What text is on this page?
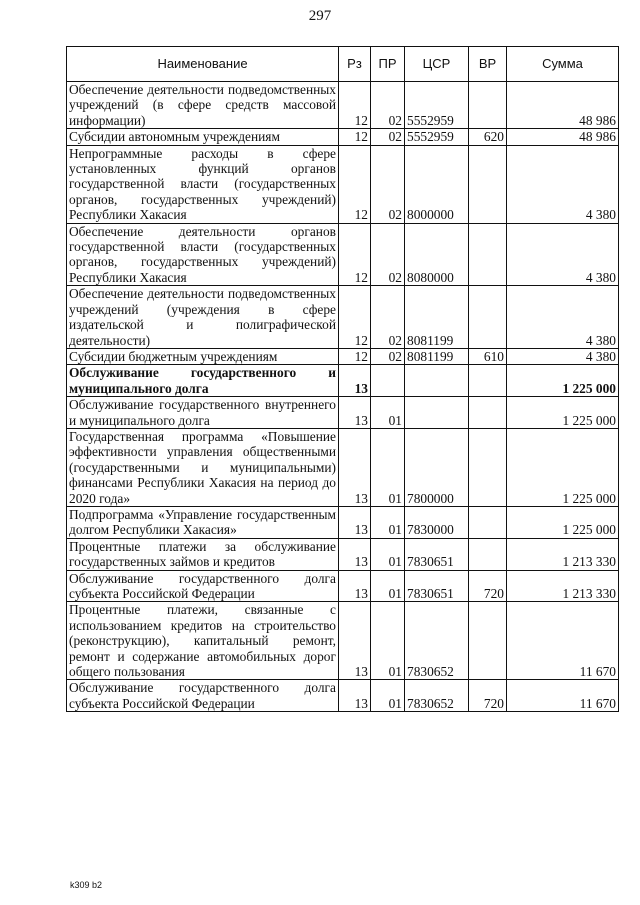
297
Наименование	Рз	ПР	ЦСР	ВР	Сумма
Обеспечение деятельности подведомственных учреждений (в сфере средств массовой информации)	12	02	5552959		48 986
Субсидии автономным учреждениям	12	02	5552959	620	48 986
Непрограммные расходы в сфере установленных функций органов государственной власти (государственных органов, государственных учреждений) Республики Хакасия	12	02	8000000		4 380
Обеспечение деятельности органов государственной власти (государственных органов, государственных учреждений) Республики Хакасия	12	02	8080000		4 380
Обеспечение деятельности подведомственных учреждений (учреждения в сфере издательской и полиграфической деятельности)	12	02	8081199		4 380
Субсидии бюджетным учреждениям	12	02	8081199	610	4 380
Обслуживание государственного и муниципального долга	13				1 225 000
Обслуживание государственного внутреннего и муниципального долга	13	01			1 225 000
Государственная программа «Повышение эффективности управления общественными (государственными и муниципальными) финансами Республики Хакасия на период до 2020 года»	13	01	7800000		1 225 000
Подпрограмма «Управление государственным долгом Республики Хакасия»	13	01	7830000		1 225 000
Процентные платежи за обслуживание государственных займов и кредитов	13	01	7830651		1 213 330
Обслуживание государственного долга субъекта Российской Федерации	13	01	7830651	720	1 213 330
Процентные платежи, связанные с использованием кредитов на строительство (реконструкцию), капитальный ремонт, ремонт и содержание автомобильных дорог общего пользования	13	01	7830652		11 670
Обслуживание государственного долга субъекта Российской Федерации	13	01	7830652	720	11 670
k309 b2
